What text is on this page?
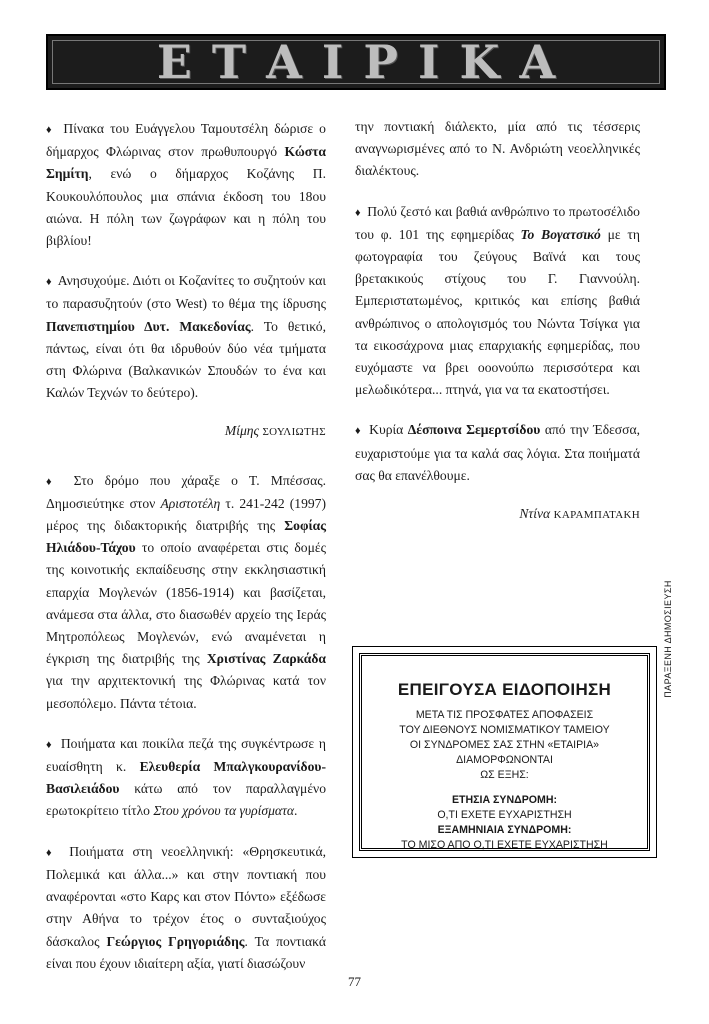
ΕΤΑΙΡΙΚΑ

♦ Πίνακα του Ευάγγελου Ταμουτσέλη δώρισε ο δήμαρχος Φλώρινας στον πρωθυπουργό Κώστα Σημίτη, ενώ ο δήμαρχος Κοζάνης Π. Κουκουλόπουλος μια σπάνια έκδοση του 18ου αιώνα. Η πόλη των ζωγράφων και η πόλη του βιβλίου!

♦ Ανησυχούμε. Διότι οι Κοζανίτες το συζητούν και το παρασυζητούν (στο West) το θέμα της ίδρυσης Πανεπιστημίου Δυτ. Μακεδονίας. Το θετικό, πάντως, είναι ότι θα ιδρυθούν δύο νέα τμήματα στη Φλώρινα (Βαλκανικών Σπουδών το ένα και Καλών Τεχνών το δεύτερο).

Μίμης ΣΟΥΛΙΩΤΗΣ

♦ Στο δρόμο που χάραξε ο Τ. Μπέσσας. Δημοσιεύτηκε στον Αριστοτέλη τ. 241-242 (1997) μέρος της διδακτορικής διατριβής της Σοφίας Ηλιάδου-Τάχου το οποίο αναφέρεται στις δομές της κοινοτικής εκπαίδευσης στην εκκλησιαστική επαρχία Μογλενών (1856-1914) και βασίζεται, ανάμεσα στα άλλα, στο διασωθέν αρχείο της Ιεράς Μητροπόλεως Μογλενών, ενώ αναμένεται η έγκριση της διατριβής της Χριστίνας Ζαρκάδα για την αρχιτεκτονική της Φλώρινας κατά τον μεσοπόλεμο. Πάντα τέτοια.

♦ Ποιήματα και ποικίλα πεζά της συγκέντρωσε η ευαίσθητη κ. Ελευθερία Μπαλγκουρανίδου-Βασιλειάδου κάτω από τον παραλλαγμένο ερωτοκρίτειο τίτλο Στου χρόνου τα γυρίσματα.

♦ Ποιήματα στη νεοελληνική: «Θρησκευτικά, Πολεμικά και άλλα...» και στην ποντιακή που αναφέρονται «στο Καρς και στον Πόντο» εξέδωσε στην Αθήνα το τρέχον έτος ο συνταξιούχος δάσκαλος Γεώργιος Γρηγοριάδης. Τα ποντιακά είναι που έχουν ιδιαίτερη αξία, γιατί διασώζουν

την ποντιακή διάλεκτο, μία από τις τέσσερις αναγνωρισμένες από το Ν. Ανδριώτη νεοελληνικές διαλέκτους.

♦ Πολύ ζεστό και βαθιά ανθρώπινο το πρωτοσέλιδο του φ. 101 της εφημερίδας Το Βογατσικό με τη φωτογραφία του ζεύγους Βαϊνά και τους βρετακικούς στίχους του Γ. Γιαννούλη. Εμπεριστατωμένος, κριτικός και επίσης βαθιά ανθρώπινος ο απολογισμός του Νώντα Τσίγκα για τα εικοσάχρονα μιας επαρχιακής εφημερίδας, που ευχόμαστε να βρει οοονούπω περισσότερα και μελωδικότερα... πτηνά, για να τα εκατοστήσει.

♦ Κυρία Δέσποινα Σεμερτσίδου από την Έδεσσα, ευχαριστούμε για τα καλά σας λόγια. Στα ποιήματά σας θα επανέλθουμε.

Ντίνα ΚΑΡΑΜΠΑΤΑΚΗ

ΕΠΕΙΓΟΥΣΑ ΕΙΔΟΠΟΙΗΣΗ
ΜΕΤΑ ΤΙΣ ΠΡΟΣΦΑΤΕΣ ΑΠΟΦΑΣΕΙΣ
ΤΟΥ ΔΙΕΘΝΟΥΣ ΝΟΜΙΣΜΑΤΙΚΟΥ ΤΑΜΕΙΟΥ
ΟΙ ΣΥΝΔΡΟΜΕΣ ΣΑΣ ΣΤΗΝ «ΕΤΑΙΡΙΑ»
ΔΙΑΜΟΡΦΩΝΟΝΤΑΙ
ΩΣ ΕΞΗΣ:
ΕΤΗΣΙΑ ΣΥΝΔΡΟΜΗ:
Ο,ΤΙ ΕΧΕΤΕ ΕΥΧΑΡΙΣΤΗΣΗ
ΕΞΑΜΗΝΙΑΙΑ ΣΥΝΔΡΟΜΗ:
ΤΟ ΜΙΣΟ ΑΠΟ Ο,ΤΙ ΕΧΕΤΕ ΕΥΧΑΡΙΣΤΗΣΗ
ΠΑΡΑΞΕΝΗ ΔΗΜΟΣΙΕΥΣΗ
77
